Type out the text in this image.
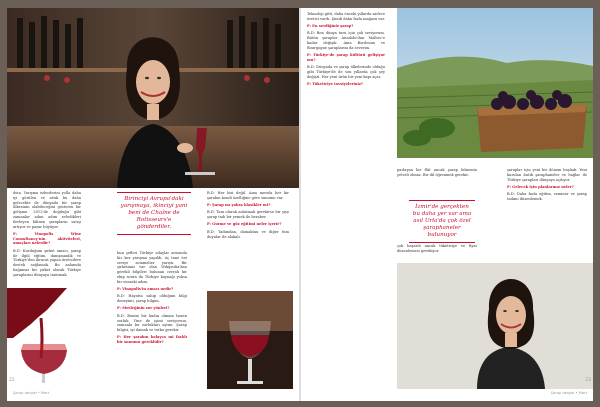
dsta. Yarışma ezberlerini yolla daha iyi görülen ve artık bu daha gelecekte de dünyada bir şarap ülkesinin olabileceğini gösteren bir gelişme. 2012'de doğduğu gibi zamanlar adım adım evledikleri ilerleyen bilinen şarapların satışı artıyor ve pazar büyüyor.

P: Vinopolis Wine Consultancy'nin aktiviteleri, amaçları nelerdir?

B.D: Kurduğum şirket amacı, şarap ile ilgili eğitim, danışmanlık ve Türkiye'den ihracat yapan üreticilere destek sağlamak. Bu anlamda bağımsız bir şirket olarak Türkiye şaraplarını dünyaya tanıtmak.

Birinciyi Avrupa'daki yarışmaya, ikinciyi yani beni de Chaîne de Rotisseurs'e gönderdiler.

bun şefleri Türkiye adaylar arasında bir kez yarışma yapıldı, üç tane üst seviye sommelier yarıştı. Bir şirketimiz var olan Wikipedia'dan gerekli bilgileri bulunan cerrah bir ekip sonra da Türkiye kaynağı yoksa bir sonraki adım.

P: Vinopolis'in amacı nedir?

B.D: Hayatta sahip olduğum bilgi deneyimi, şarap bilgim.

P: Mesleğinin zor yönleri?

B.D: Benim bir kadın olmam bazen zorluk. Yine de işimi seviyorum, zamanla bu zorlukları aştım. Şarap bilgisi, iyi damak ve tutku gerekir.

P: Her şarabın kolayca mi farklı bir sunumu gereklidir?

B.D: Her biri değil. Ama mesela her bir şarabın kendi özelliğine göre sunumu var.

P: Şarap mı yoksa klasikler mi?

B.D: Tam olarak anlatmak gerekirse bir şişe şarap tadı bir yemek ile beraber.

P: Gurme ve göz eğitimi neler içerir?

B.D: Tadımdan, damaktan ve diğer tüm duyular ile alakalı.

22
Şarap dergisi • Mart

Teknoloji gitti, daha önceki yıllarda sadece üretici vardı. Şimdi daha fazla mağaza var.

P: En sevdiğiniz şarap?

B.D: Ben dünya turu için çok seviyorum. Bütün şaraplar Anadolu'dan Malbec'e kadar değişik. Ama Bordeaux ve Bourgogne şaraplarını da severim.

P: Türkiye'de şarap kültürü gelişiyor mu?

B.D: Dünyada ve şarap ülkelerinde olduğu gibi Türkiye'de de son yıllarda çok şey değişti. Her yeni ürün bir yeni kapı açar.

P: Tüketiciye tavsiyeleriniz?

parlayan bir flüt ancak şarap bilmenin yeterli olmaz. Bir dil öğrenmek gerekir.

İzmir'de gerçekten bu daha yer var ama asıl Urla'da çok özel şaraphaneler bulunuyor

çok başarılı ancak tüketiciye ve fiyat düzenlemesi gerekiyor.

şaraplar için yeni bir dönem başladı. Yeni kurulan butik şaraphaneler ve bağlar ile Türkiye şarapları dünyaya açılıyor.

P: Gelecek için planlarınız neler?

B.D: Daha fazla eğitim, seminer ve şarap tadımı düzenlemek.

23
Şarap dergisi • Mart
